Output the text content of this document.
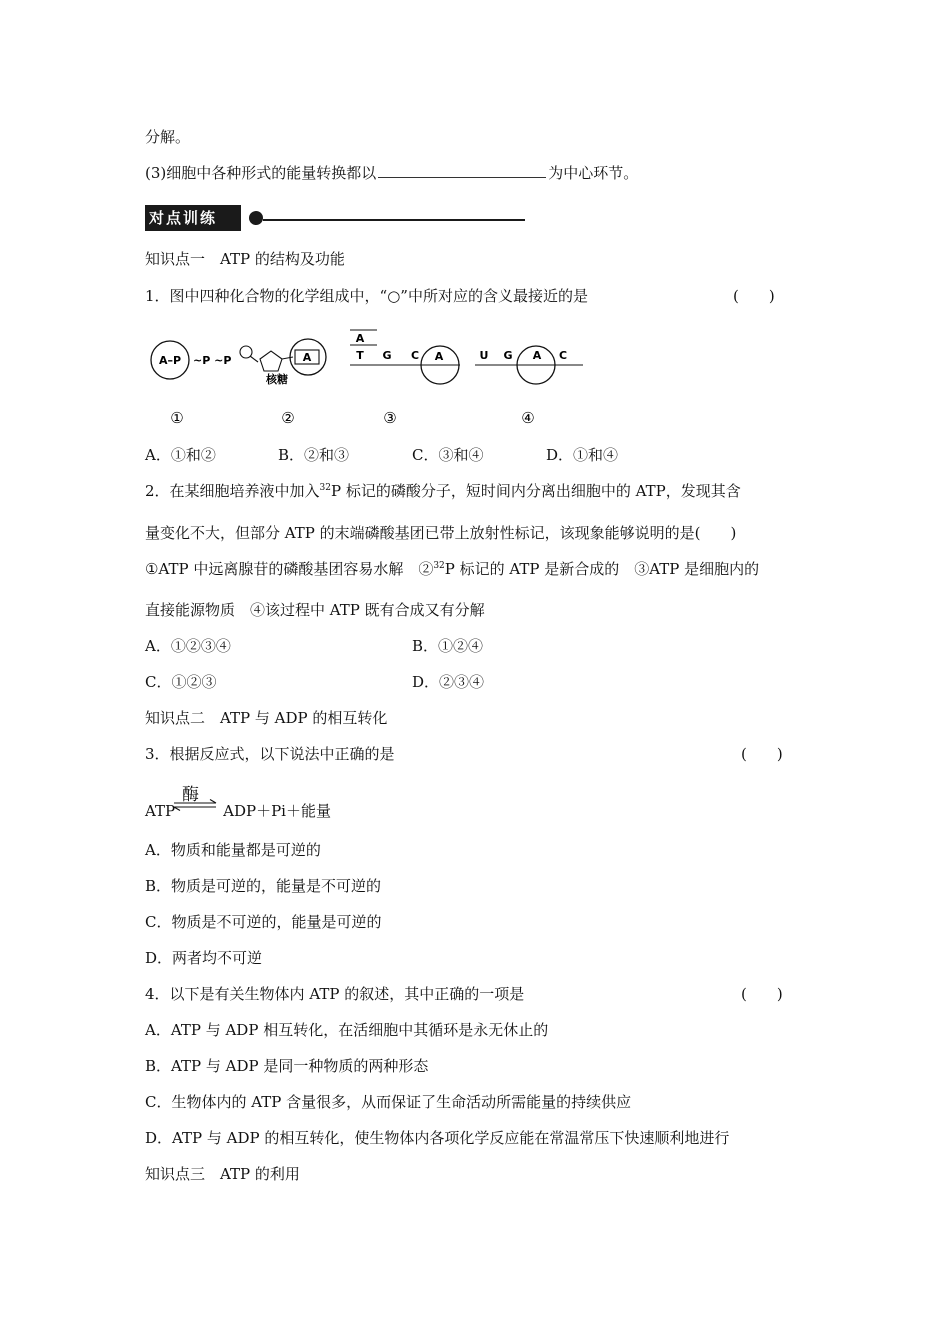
分解。
(3)细胞中各种形式的能量转换都以	为中心环节。
对点训练
知识点一　ATP 的结构及功能
1．图中四种化合物的化学组成中，“○”中所对应的含义最接近的是	(　　)
A–P ~P ~P	A
核糖
A
T G C A	U G A C
①	②	③	④
A．①和②	B．②和③	C．③和④	D．①和④
2．在某细胞培养液中加入$^{32}$P 标记的磷酸分子，短时间内分离出细胞中的 ATP，发现其含
量变化不大，但部分 ATP 的末端磷酸基团已带上放射性标记，该现象能够说明的是(　　)
①ATP 中远离腺苷的磷酸基团容易水解　②$^{32}$P 标记的 ATP 是新合成的　③ATP 是细胞内的
直接能源物质　④该过程中 ATP 既有合成又有分解
A．①②③④	B．①②④
C．①②③	D．②③④
知识点二　ATP 与 ADP 的相互转化
3．根据反应式，以下说法中正确的是	(　　)
酶
ATP	ADP＋Pi＋能量
A．物质和能量都是可逆的
B．物质是可逆的，能量是不可逆的
C．物质是不可逆的，能量是可逆的
D．两者均不可逆
4．以下是有关生物体内 ATP 的叙述，其中正确的一项是	(　　)
A．ATP 与 ADP 相互转化，在活细胞中其循环是永无休止的
B．ATP 与 ADP 是同一种物质的两种形态
C．生物体内的 ATP 含量很多，从而保证了生命活动所需能量的持续供应
D．ATP 与 ADP 的相互转化，使生物体内各项化学反应能在常温常压下快速顺利地进行
知识点三　ATP 的利用
